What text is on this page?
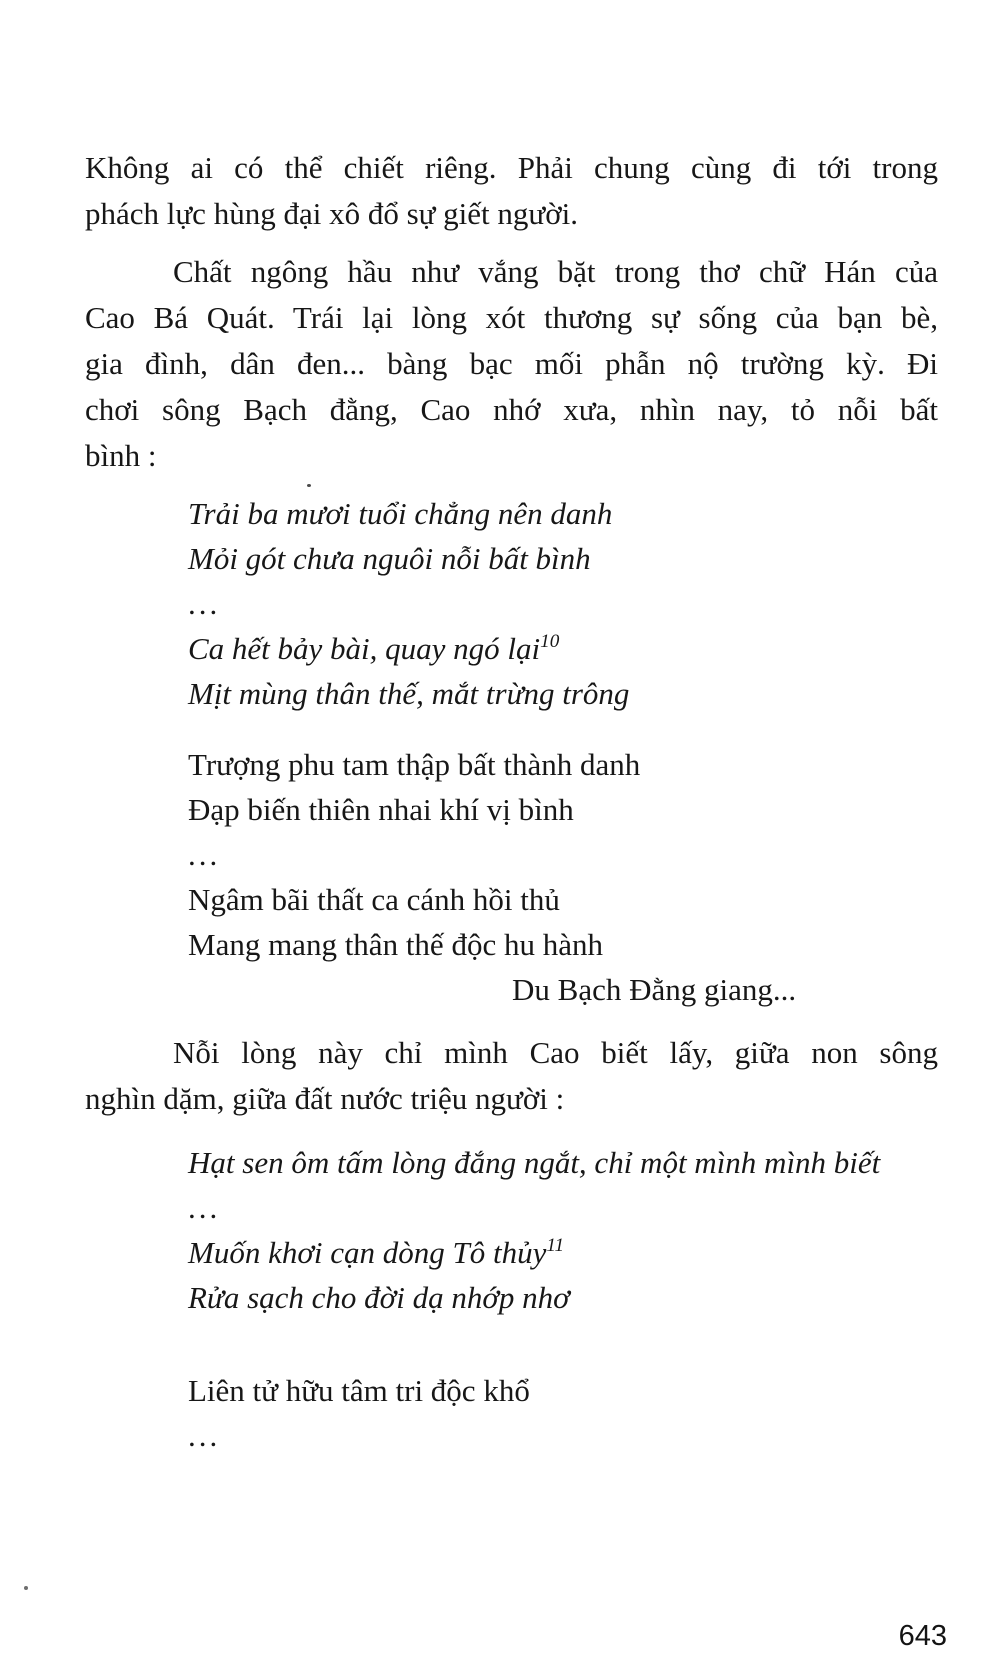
Không ai có thể chiết riêng. Phải chung cùng đi tới trong
phách lực hùng đại xô đổ sự giết người.
Chất ngông hầu như vắng bặt trong thơ chữ Hán của
Cao Bá Quát. Trái lại lòng xót thương sự sống của bạn bè,
gia đình, dân đen... bàng bạc mối phẫn nộ trường kỳ. Đi
chơi sông Bạch đằng, Cao nhớ xưa, nhìn nay, tỏ nỗi bất
bình :
Trải ba mươi tuổi chẳng nên danh
Mỏi gót chưa nguôi nỗi bất bình
...
Ca hết bảy bài, quay ngó lại$^{10}$
Mịt mùng thân thế, mắt trừng trông
Trượng phu tam thập bất thành danh
Đạp biến thiên nhai khí vị bình
...
Ngâm bãi thất ca cánh hồi thủ
Mang mang thân thế độc hu hành
Du Bạch Đằng giang...
Nỗi lòng này chỉ mình Cao biết lấy, giữa non sông
nghìn dặm, giữa đất nước triệu người :
Hạt sen ôm tấm lòng đắng ngắt, chỉ một mình mình biết
...
Muốn khơi cạn dòng Tô thủy$^{11}$
Rửa sạch cho đời dạ nhớp nhơ
Liên tử hữu tâm tri độc khổ
...
643
